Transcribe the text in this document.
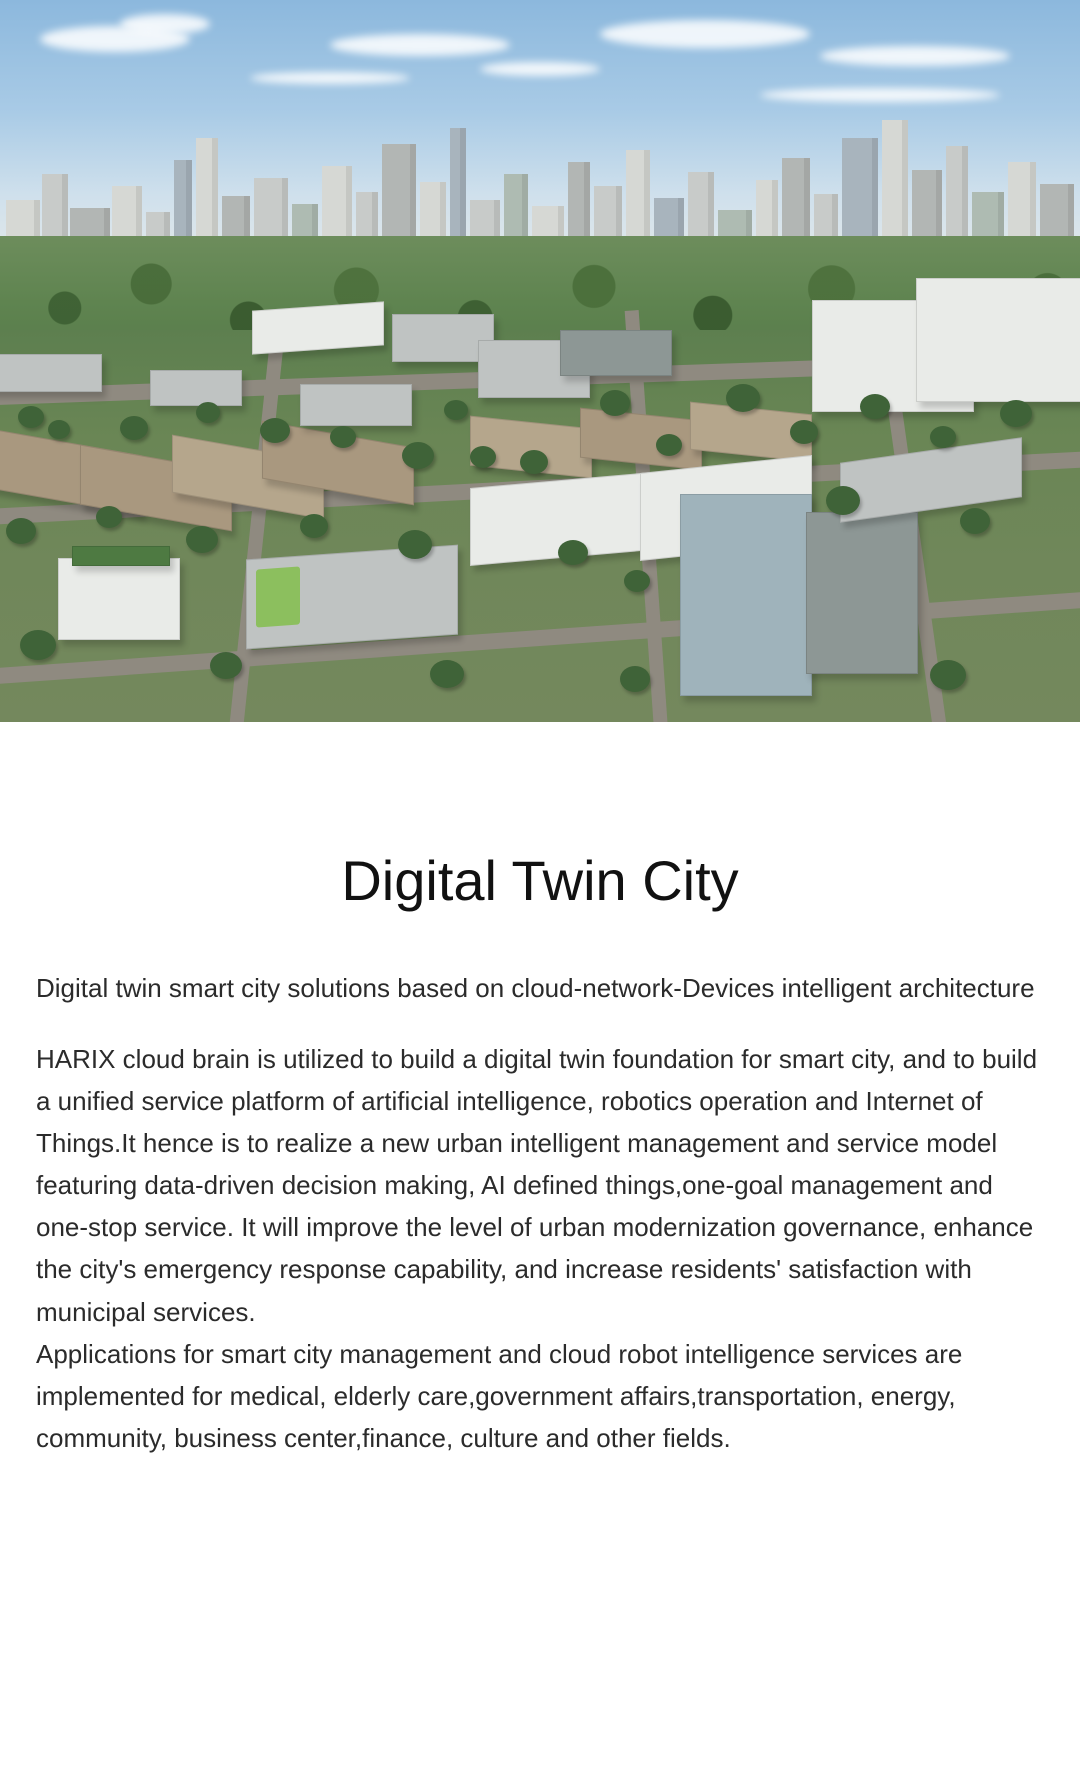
Digital Twin City

Digital twin smart city solutions based on cloud-network-Devices intelligent architecture

HARIX cloud brain is utilized to build a digital twin foundation for smart city, and to build a unified service platform of artificial intelligence, robotics operation and Internet of Things.It hence is to realize a new urban intelligent management and service model featuring data-driven decision making, AI defined things,one-goal management and one-stop service. It will improve the level of urban modernization governance, enhance the city's emergency response capability, and increase residents' satisfaction with municipal services.

Applications for smart city management and cloud robot intelligence services are implemented for medical, elderly care,government affairs,transportation, energy, community, business center,finance, culture and other fields.
